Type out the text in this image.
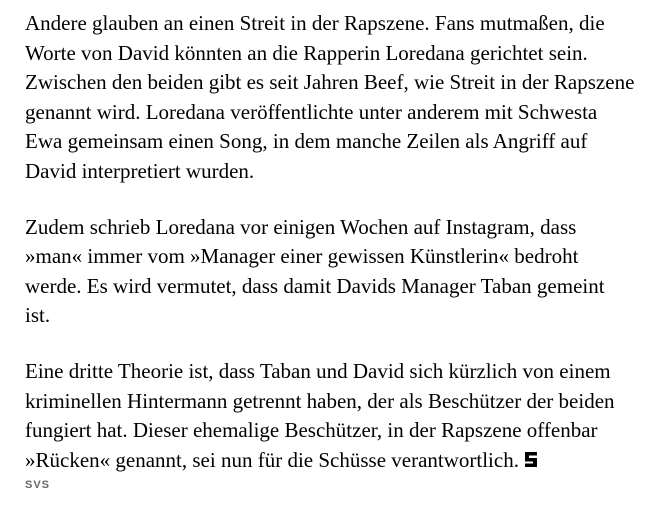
Andere glauben an einen Streit in der Rapszene. Fans mutmaßen, die
Worte von David könnten an die Rapperin Loredana gerichtet sein.
Zwischen den beiden gibt es seit Jahren Beef, wie Streit in der Rapszene
genannt wird. Loredana veröffentlichte unter anderem mit Schwesta
Ewa gemeinsam einen Song, in dem manche Zeilen als Angriff auf
David interpretiert wurden.
Zudem schrieb Loredana vor einigen Wochen auf Instagram, dass
»man« immer vom »Manager einer gewissen Künstlerin« bedroht
werde. Es wird vermutet, dass damit Davids Manager Taban gemeint
ist.
Eine dritte Theorie ist, dass Taban und David sich kürzlich von einem
kriminellen Hintermann getrennt haben, der als Beschützer der beiden
fungiert hat. Dieser ehemalige Beschützer, in der Rapszene offenbar
»Rücken« genannt, sei nun für die Schüsse verantwortlich.
SVS
